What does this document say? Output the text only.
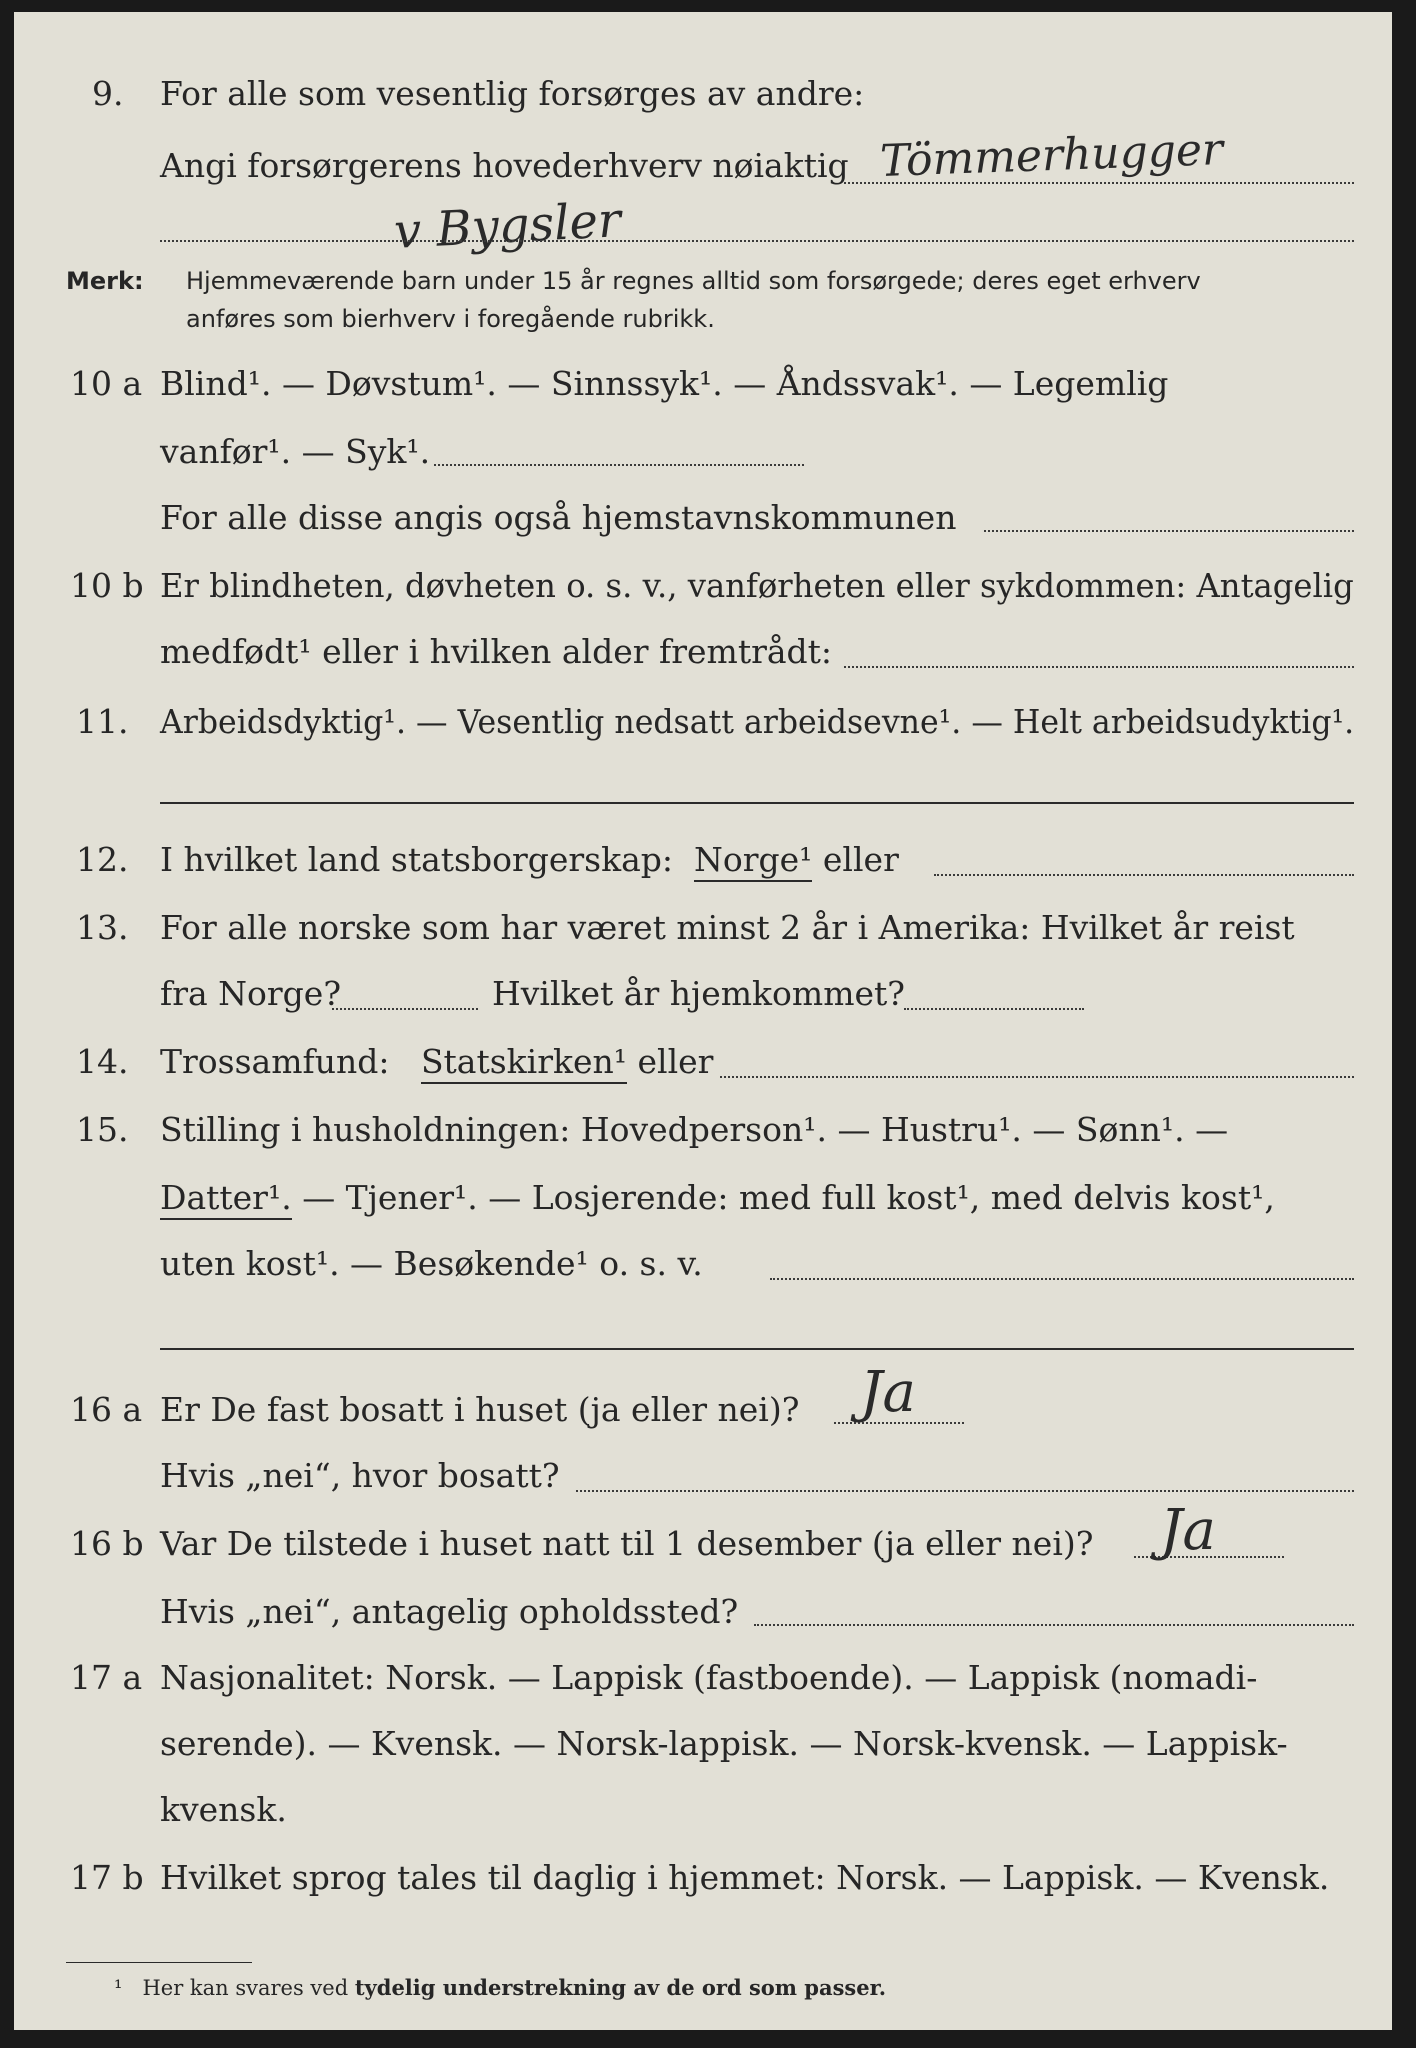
9. For alle som vesentlig forsørges av andre:
Angi forsørgerens hovederhverv nøiaktig Tömmerhugger
v Bygsler
Merk: Hjemmeværende barn under 15 år regnes alltid som forsørgede; deres eget erhverv
anføres som bierhverv i foregående rubrikk.
10 a Blind¹. — Døvstum¹. — Sinnssyk¹. — Åndssvak¹. — Legemlig
vanfør¹. — Syk¹.
For alle disse angis også hjemstavnskommunen
10 b Er blindheten, døvheten o. s. v., vanførheten eller sykdommen: Antagelig
medfødt¹ eller i hvilken alder fremtrådt:
11. Arbeidsdyktig¹. — Vesentlig nedsatt arbeidsevne¹. — Helt arbeidsudyktig¹.
12. I hvilket land statsborgerskap: Norge¹ eller
13. For alle norske som har været minst 2 år i Amerika: Hvilket år reist
fra Norge?	Hvilket år hjemkommet?
14. Trossamfund: Statskirken¹ eller
15. Stilling i husholdningen: Hovedperson¹. — Hustru¹. — Sønn¹. —
Datter¹. — Tjener¹. — Losjerende: med full kost¹, med delvis kost¹,
uten kost¹. — Besøkende¹ o. s. v.
16 a Er De fast bosatt i huset (ja eller nei)? Ja
Hvis „nei“, hvor bosatt?
16 b Var De tilstede i huset natt til 1 desember (ja eller nei)? Ja
Hvis „nei“, antagelig opholdssted?
17 a Nasjonalitet: Norsk. — Lappisk (fastboende). — Lappisk (nomadi-
serende). — Kvensk. — Norsk-lappisk. — Norsk-kvensk. — Lappisk-
kvensk.
17 b Hvilket sprog tales til daglig i hjemmet: Norsk. — Lappisk. — Kvensk.
¹ Her kan svares ved tydelig understrekning av de ord som passer.
